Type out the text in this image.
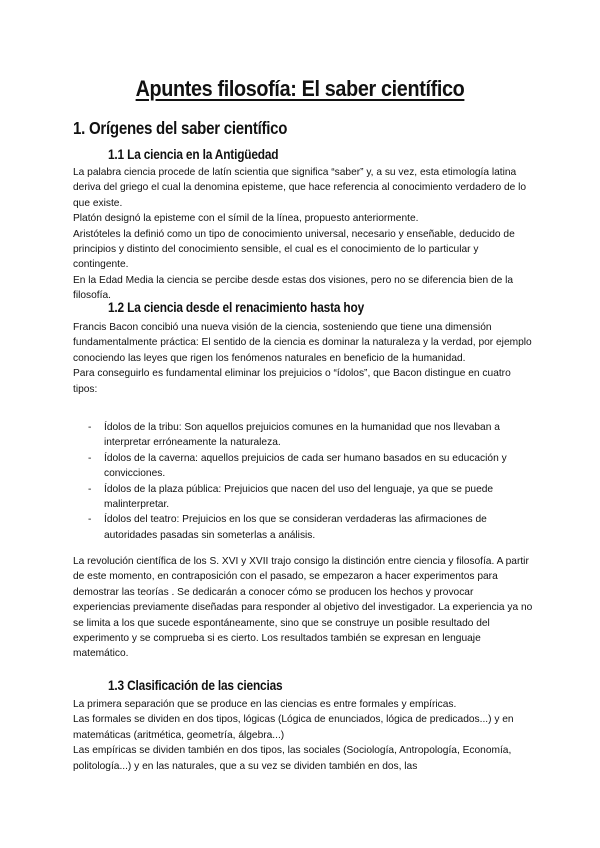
Apuntes filosofía: El saber científico
1. Orígenes del saber científico
1.1 La ciencia en la Antigüedad

La palabra ciencia procede de latín scientia que significa “saber” y, a su vez, esta etimología latina deriva del griego el cual la denomina episteme, que hace referencia al conocimiento verdadero de lo que existe.

Platón designó la episteme con el símil de la línea, propuesto anteriormente.

Aristóteles la definió como un tipo de conocimiento universal, necesario y enseñable, deducido de principios y distinto del conocimiento sensible, el cual es el conocimiento de lo particular y contingente.

En la Edad Media la ciencia se percibe desde estas dos visiones, pero no se diferencia bien de la filosofía.

1.2 La ciencia desde el renacimiento hasta hoy

Francis Bacon concibió una nueva visión de la ciencia, sosteniendo que tiene una dimensión fundamentalmente práctica: El sentido de la ciencia es dominar la naturaleza y la verdad, por ejemplo conociendo las leyes que rigen los fenómenos naturales en beneficio de la humanidad.

Para conseguirlo es fundamental eliminar los prejuicios o “ídolos”, que Bacon distingue en cuatro tipos:

- Ídolos de la tribu: Son aquellos prejuicios comunes en la humanidad que nos llevaban a interpretar erróneamente la naturaleza.
- Ídolos de la caverna: aquellos prejuicios de cada ser humano basados en su educación y convicciones.
- Ídolos de la plaza pública: Prejuicios que nacen del uso del lenguaje, ya que se puede malinterpretar.
- Ídolos del teatro: Prejuicios en los que se consideran verdaderas las afirmaciones de autoridades pasadas sin someterlas a análisis.

La revolución científica de los S. XVI y XVII trajo consigo la distinción entre ciencia y filosofía. A partir de este momento, en contraposición con el pasado, se empezaron a hacer experimentos para demostrar las teorías . Se dedicarán a conocer cómo se producen los hechos y provocar experiencias previamente diseñadas para responder al objetivo del investigador. La experiencia ya no se limita a los que sucede espontáneamente, sino que se construye un posible resultado del experimento y se comprueba si es cierto. Los resultados también se expresan en lenguaje matemático.

1.3 Clasificación de las ciencias

La primera separación que se produce en las ciencias es entre formales y empíricas.

Las formales se dividen en dos tipos, lógicas (Lógica de enunciados, lógica de predicados...) y en matemáticas (aritmética, geometría, álgebra...)

Las empíricas se dividen también en dos tipos, las sociales (Sociología, Antropología, Economía, politología...) y en las naturales, que a su vez se dividen también en dos, las
